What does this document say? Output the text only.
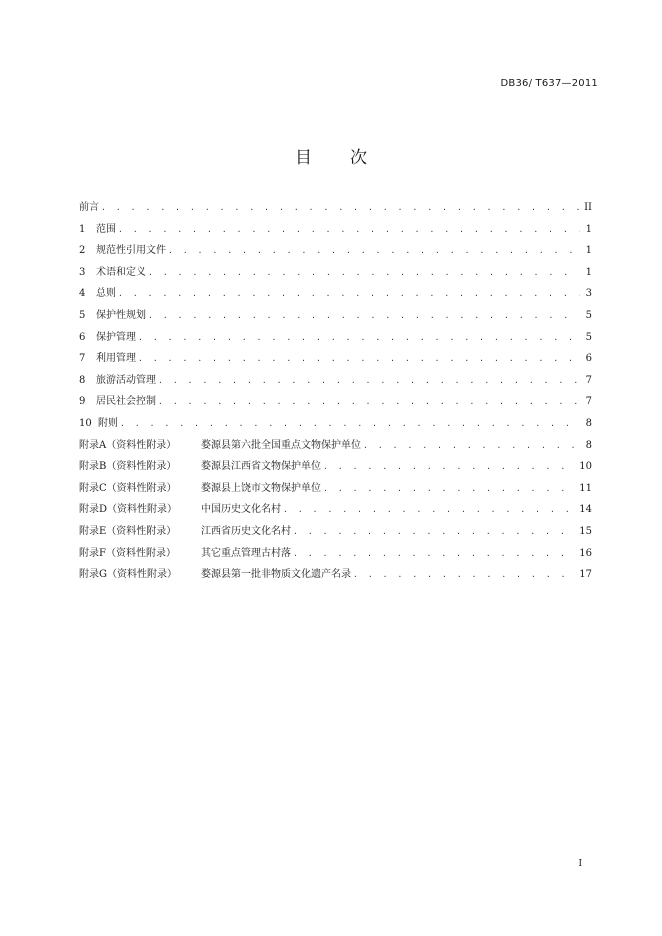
DB36/ T637—2011
目 次
前言 . . .	II
1	范围 . . .	1
2	规范性引用文件 . . .	1
3	术语和定义 . . .	1
4	总则 . . .	3
5	保护性规划 . . .	5
6	保护管理 . . .	5
7	利用管理 . . .	6
8	旅游活动管理 . . .	7
9	居民社会控制 . . .	7
10 附则 . . .	8
附录A（资料性附录）	婺源县第六批全国重点文物保护单位 . . .	8
附录B（资料性附录）	婺源县江西省文物保护单位 . . .	10
附录C（资料性附录）	婺源县上饶市文物保护单位 . . .	11
附录D（资料性附录）	中国历史文化名村 . . .	14
附录E（资料性附录）	江西省历史文化名村 . . .	15
附录F（资料性附录）	其它重点管理古村落 . . .	16
附录G（资料性附录）	婺源县第一批非物质文化遗产名录 . . .	17
I
